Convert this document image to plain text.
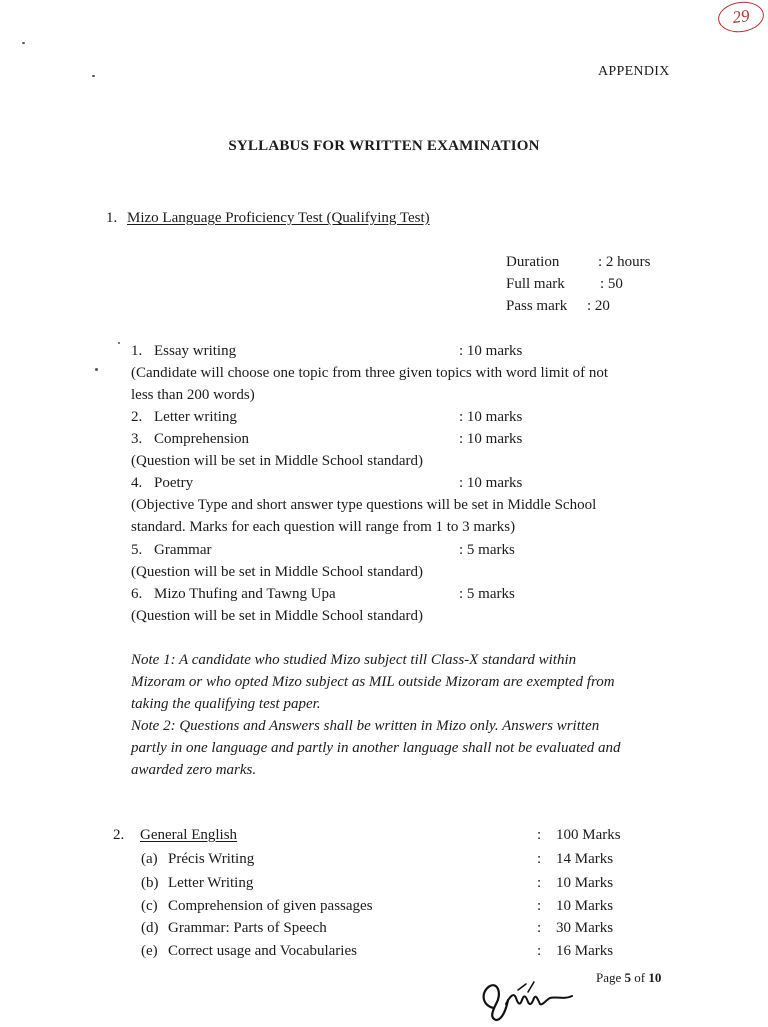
29
APPENDIX
SYLLABUS FOR WRITTEN EXAMINATION
1. Mizo Language Proficiency Test (Qualifying Test)
Duration	: 2 hours
Full mark : 50
Pass mark : 20
1. Essay writing	: 10 marks
(Candidate will choose one topic from three given topics with word limit of not
less than 200 words)
2. Letter writing	: 10 marks
3. Comprehension	: 10 marks
(Question will be set in Middle School standard)
4. Poetry	: 10 marks
(Objective Type and short answer type questions will be set in Middle School
standard. Marks for each question will range from 1 to 3 marks)
5. Grammar	: 5 marks
(Question will be set in Middle School standard)
6. Mizo Thufing and Tawng Upa	: 5 marks
(Question will be set in Middle School standard)
Note 1: A candidate who studied Mizo subject till Class-X standard within
Mizoram or who opted Mizo subject as MIL outside Mizoram are exempted from
taking the qualifying test paper.
Note 2: Questions and Answers shall be written in Mizo only. Answers written
partly in one language and partly in another language shall not be evaluated and
awarded zero marks.
2. General English	: 100 Marks
(a) Précis Writing	: 14 Marks
(b) Letter Writing	: 10 Marks
(c) Comprehension of given passages	: 10 Marks
(d) Grammar: Parts of Speech	: 30 Marks
(e) Correct usage and Vocabularies	: 16 Marks
Page 5 of 10
